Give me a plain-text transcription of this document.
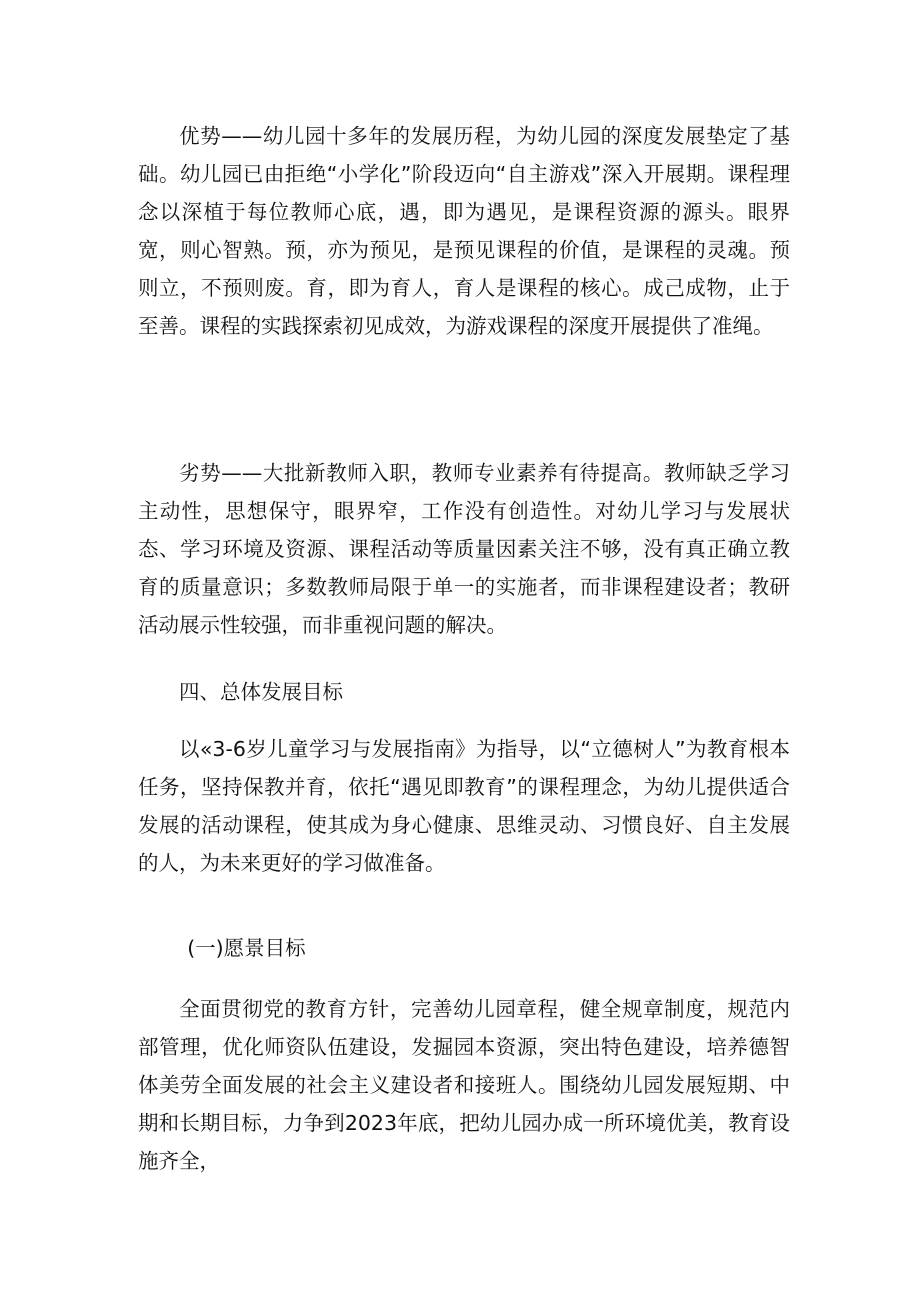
优势——幼儿园十多年的发展历程，为幼儿园的深度发展垫定了基础。幼儿园已由拒绝“小学化”阶段迈向“自主游戏”深入开展期。课程理念以深植于每位教师心底，遇，即为遇见，是课程资源的源头。眼界宽，则心智熟。预，亦为预见，是预见课程的价值，是课程的灵魂。预则立，不预则废。育，即为育人，育人是课程的核心。成己成物，止于至善。课程的实践探索初见成效，为游戏课程的深度开展提供了准绳。

劣势——大批新教师入职，教师专业素养有待提高。教师缺乏学习主动性，思想保守，眼界窄，工作没有创造性。对幼儿学习与发展状态、学习环境及资源、课程活动等质量因素关注不够，没有真正确立教育的质量意识；多数教师局限于单一的实施者，而非课程建设者；教研活动展示性较强，而非重视问题的解决。

四、总体发展目标

以«3-6岁儿童学习与发展指南》为指导，以“立德树人”为教育根本任务，坚持保教并育，依托“遇见即教育”的课程理念，为幼儿提供适合发展的活动课程，使其成为身心健康、思维灵动、习惯良好、自主发展的人，为未来更好的学习做准备。

(一)愿景目标

全面贯彻党的教育方针，完善幼儿园章程，健全规章制度，规范内部管理，优化师资队伍建设，发掘园本资源，突出特色建设，培养德智体美劳全面发展的社会主义建设者和接班人。围绕幼儿园发展短期、中期和长期目标，力争到2023年底，把幼儿园办成一所环境优美，教育设施齐全，
